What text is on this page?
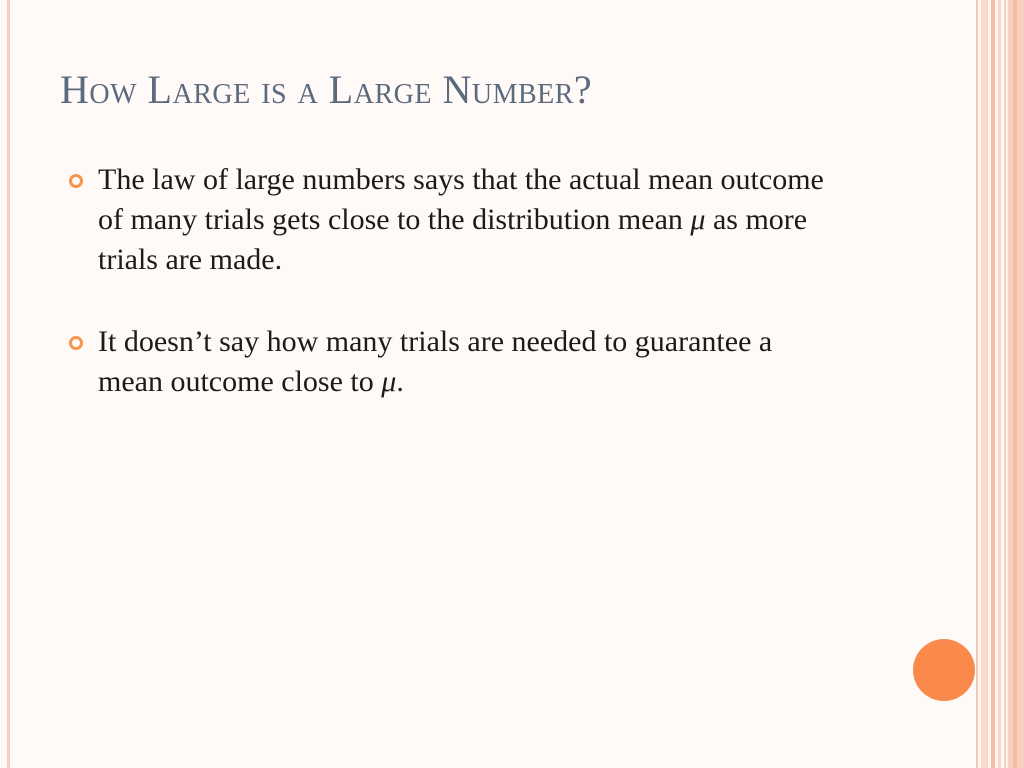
How Large is a Large Number?
The law of large numbers says that the actual mean outcome of many trials gets close to the distribution mean μ as more trials are made.
It doesn’t say how many trials are needed to guarantee a mean outcome close to μ.
